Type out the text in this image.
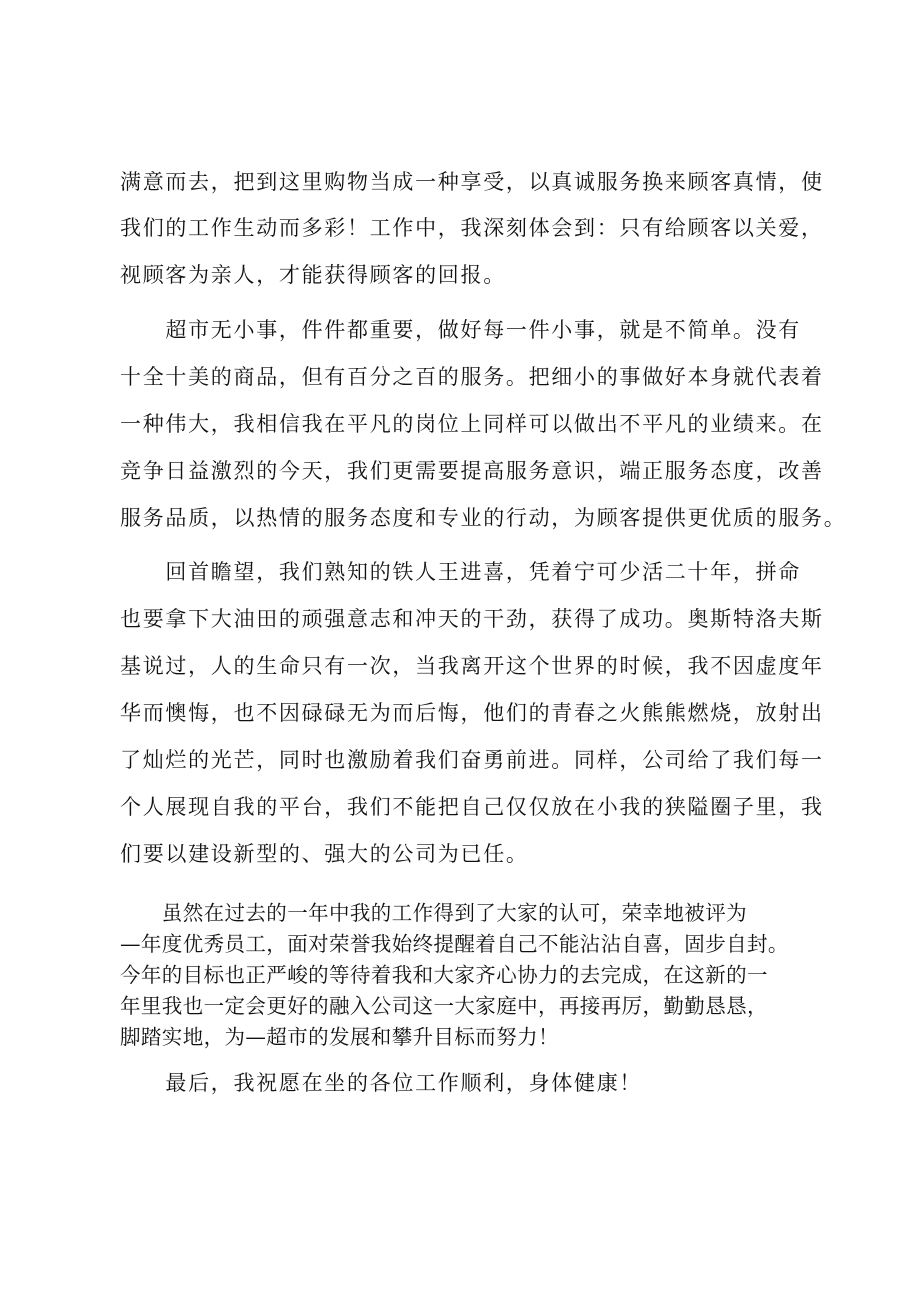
满意而去，把到这里购物当成一种享受，以真诚服务换来顾客真情，使
我们的工作生动而多彩！工作中，我深刻体会到：只有给顾客以关爱，
视顾客为亲人，才能获得顾客的回报。
　　超市无小事，件件都重要，做好每一件小事，就是不简单。没有
十全十美的商品，但有百分之百的服务。把细小的事做好本身就代表着
一种伟大，我相信我在平凡的岗位上同样可以做出不平凡的业绩来。在
竞争日益激烈的今天，我们更需要提高服务意识，端正服务态度，改善
服务品质，以热情的服务态度和专业的行动，为顾客提供更优质的服务。
　　回首瞻望，我们熟知的铁人王进喜，凭着宁可少活二十年，拼命
也要拿下大油田的顽强意志和冲天的干劲，获得了成功。奥斯特洛夫斯
基说过，人的生命只有一次，当我离开这个世界的时候，我不因虚度年
华而懊悔，也不因碌碌无为而后悔，他们的青春之火熊熊燃烧，放射出
了灿烂的光芒，同时也激励着我们奋勇前进。同样，公司给了我们每一
个人展现自我的平台，我们不能把自己仅仅放在小我的狭隘圈子里，我
们要以建设新型的、强大的公司为已任。
　　虽然在过去的一年中我的工作得到了大家的认可，荣幸地被评为
—年度优秀员工，面对荣誉我始终提醒着自己不能沾沾自喜，固步自封。
今年的目标也正严峻的等待着我和大家齐心协力的去完成，在这新的一
年里我也一定会更好的融入公司这一大家庭中，再接再厉，勤勤恳恳，
脚踏实地，为—超市的发展和攀升目标而努力！
　　最后，我祝愿在坐的各位工作顺利，身体健康！
